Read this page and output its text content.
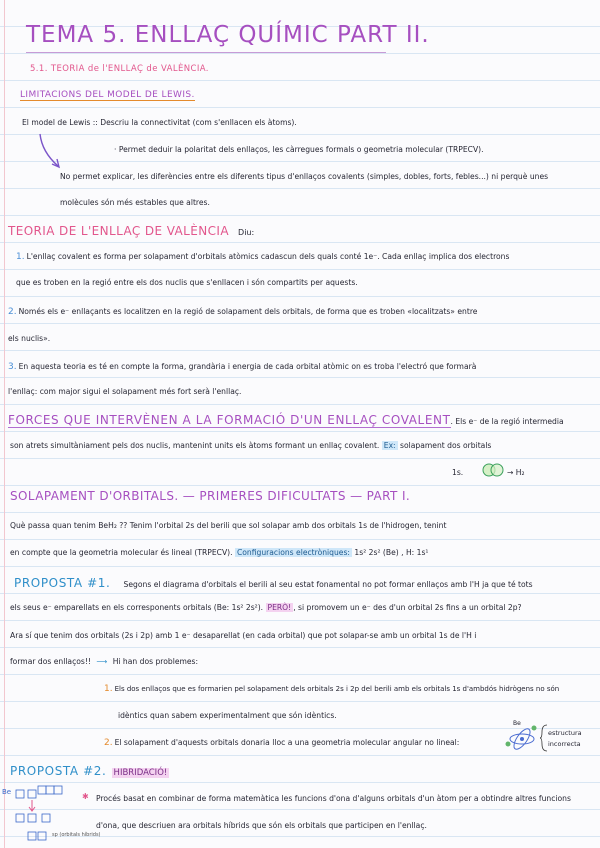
TEMA 5. ENLLAÇ QUÍMIC PART II.
5.1. TEORIA de l'ENLLAÇ de VALÈNCIA.
LIMITACIONS DEL MODEL DE LEWIS.
El model de Lewis :: Descriu la connectivitat (com s'enllacen els àtoms).
· Permet deduir la polaritat dels enllaços, les càrregues formals o geometria molecular (TRPECV).
No permet explicar, les diferències entre els diferents tipus d'enllaços covalents (simples, dobles, forts, febles...) ni perquè unes
molècules són més estables que altres.
TEORIA DE L'ENLLAÇ DE VALÈNCIA Diu:
1. L'enllaç covalent es forma per solapament d'orbitals atòmics cadascun dels quals conté 1e⁻. Cada enllaç implica dos electrons
que es troben en la regió entre els dos nuclis que s'enllacen i són compartits per aquests.
2. Només els e⁻ enllaçants es localitzen en la regió de solapament dels orbitals, de forma que es troben «localitzats» entre
els nuclis».
3. En aquesta teoria es té en compte la forma, grandària i energia de cada orbital atòmic on es troba l'electró que formarà
l'enllaç: com major sigui el solapament més fort serà l'enllaç.
FORCES QUE INTERVÈNEN A LA FORMACIÓ D'UN ENLLAÇ COVALENT. Els e⁻ de la regió intermedia
son atrets simultàniament pels dos nuclis, mantenint units els àtoms formant un enllaç covalent. Ex: solapament dos orbitals
1s.	→ H₂
SOLAPAMENT D'ORBITALS. — PRIMERES DIFICULTATS — PART I.
Què passa quan tenim BeH₂ ?? Tenim l'orbital 2s del berili que sol solapar amb dos orbitals 1s de l'hidrogen, tenint
en compte que la geometria molecular és lineal (TRPECV). Configuracions electròniques: 1s² 2s² (Be) , H: 1s¹
PROPOSTA #1. Segons el diagrama d'orbitals el berili al seu estat fonamental no pot formar enllaços amb l'H ja que té tots
els seus e⁻ emparellats en els corresponents orbitals (Be: 1s² 2s²). PERÒ! , si promovem un e⁻ des d'un orbital 2s fins a un orbital 2p?
Ara sí que tenim dos orbitals (2s i 2p) amb 1 e⁻ desaparellat (en cada orbital) que pot solapar-se amb un orbital 1s de l'H i
formar dos enllaços!! ⟶ Hi han dos problemes:
1. Els dos enllaços que es formarien pel solapament dels orbitals 2s i 2p del berili amb els orbitals 1s d'ambdós hidrògens no són
idèntics quan sabem experimentalment que són idèntics.
2. El solapament d'aquests orbitals donaria lloc a una geometria molecular angular no lineal:
Be
estructura
incorrecta
PROPOSTA #2. HIBRIDACIÓ!
Be
sp (orbitals híbrids)
✱ Procés basat en combinar de forma matemàtica les funcions d'ona d'alguns orbitals d'un àtom per a obtindre altres funcions
d'ona, que descriuen ara orbitals híbrids que són els orbitals que participen en l'enllaç.
